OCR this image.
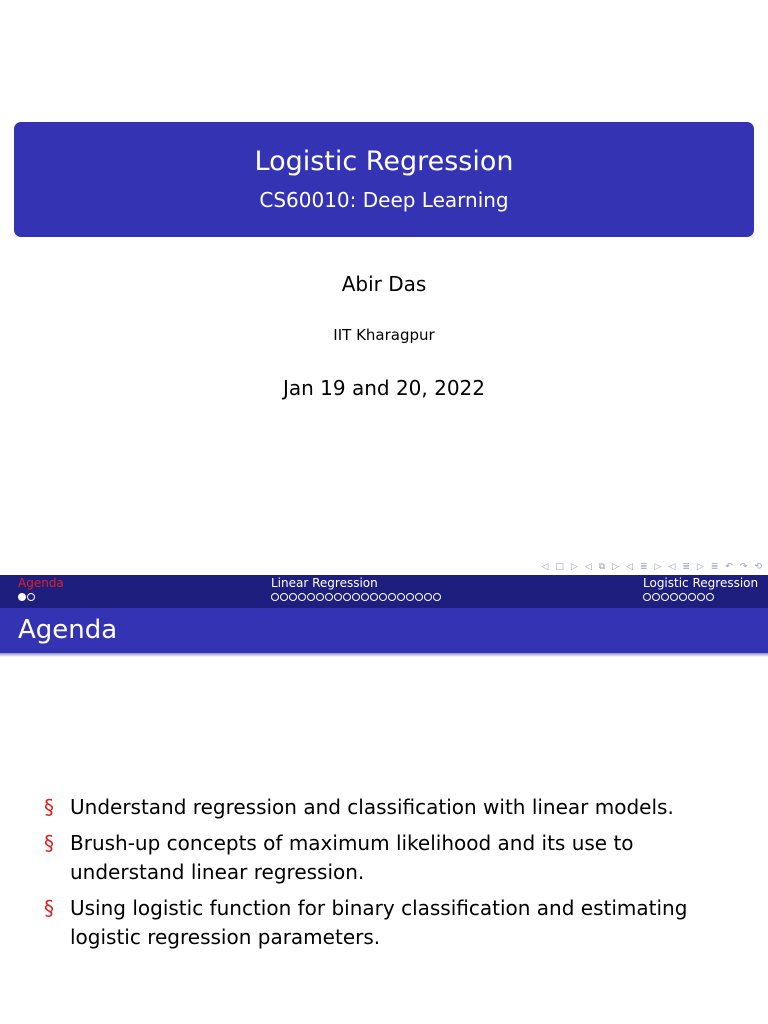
Logistic Regression
CS60010: Deep Learning
Abir Das
IIT Kharagpur
Jan 19 and 20, 2022
◁ □ ▷ ◁ ⧉ ▷ ◁ ≣ ▷ ◁ ≣ ▷ ≣ ↶ ↷ ⟲
Agenda	Linear Regression	Logistic Regression
Agenda
§ Understand regression and classification with linear models.
§ Brush-up concepts of maximum likelihood and its use to understand linear regression.
§ Using logistic function for binary classification and estimating logistic regression parameters.
